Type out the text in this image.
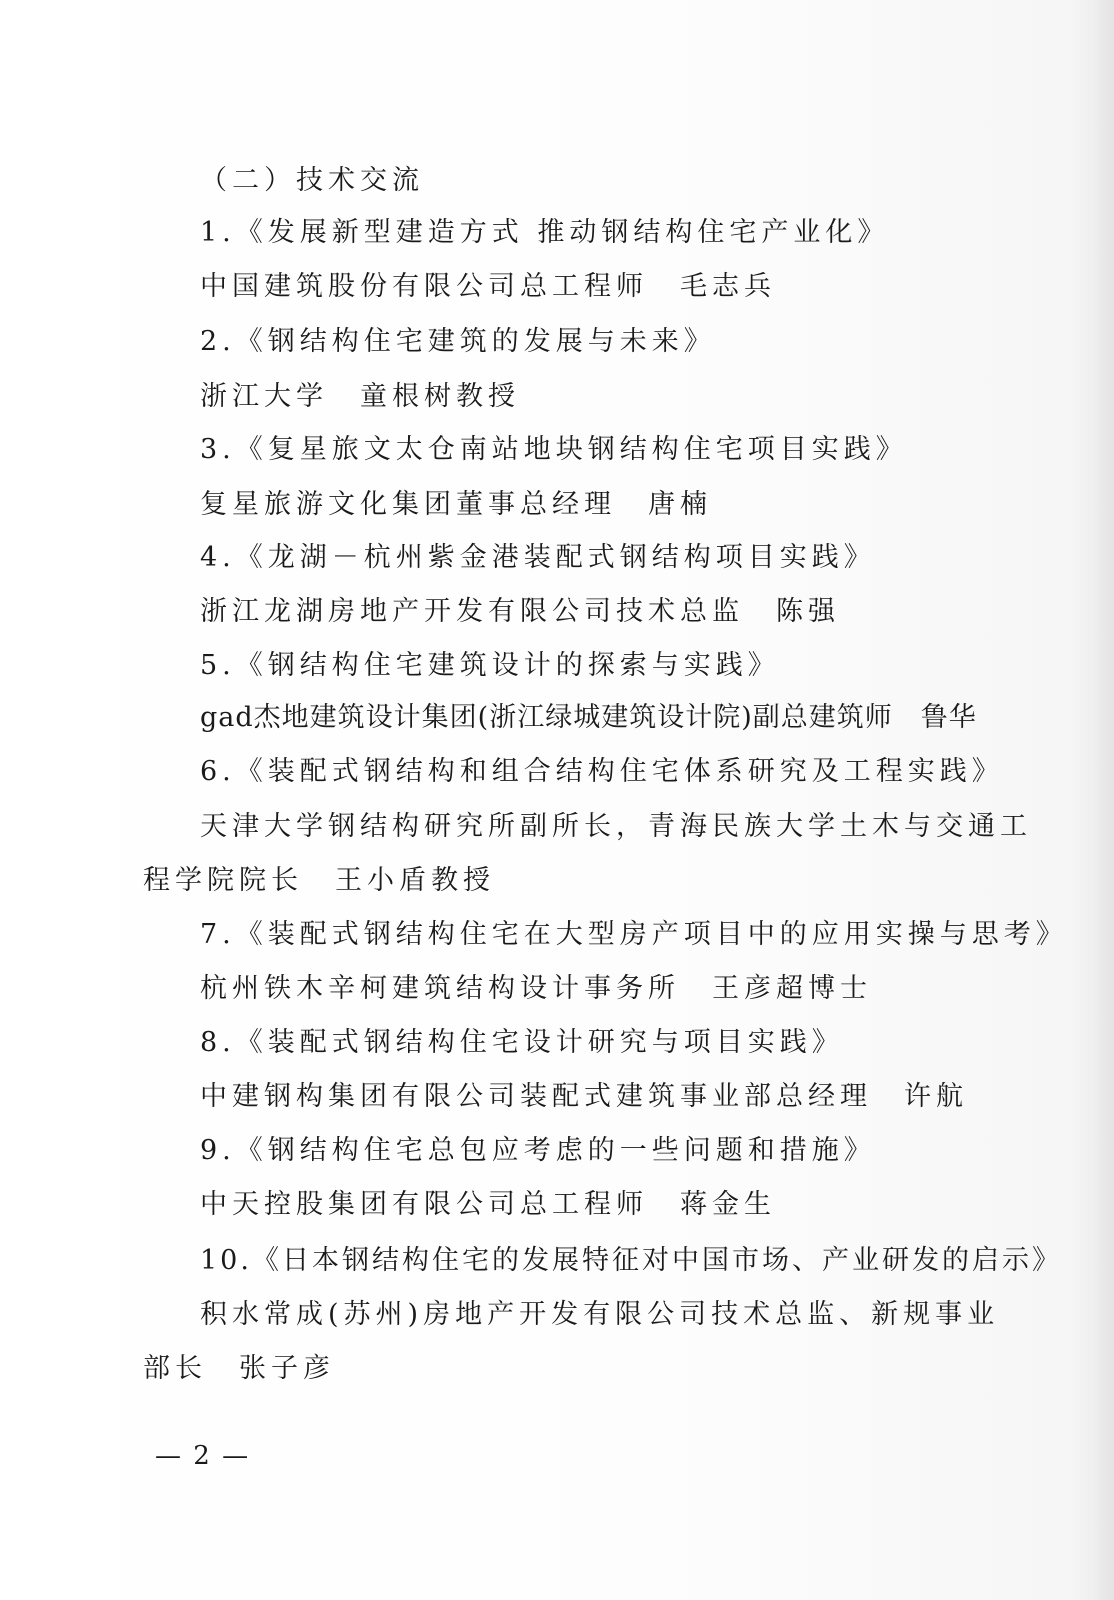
（二）技术交流
1.《发展新型建造方式 推动钢结构住宅产业化》
中国建筑股份有限公司总工程师　毛志兵
2.《钢结构住宅建筑的发展与未来》
浙江大学　童根树教授
3.《复星旅文太仓南站地块钢结构住宅项目实践》
复星旅游文化集团董事总经理　唐楠
4.《龙湖－杭州紫金港装配式钢结构项目实践》
浙江龙湖房地产开发有限公司技术总监　陈强
5.《钢结构住宅建筑设计的探索与实践》
gad杰地建筑设计集团(浙江绿城建筑设计院)副总建筑师　鲁华
6.《装配式钢结构和组合结构住宅体系研究及工程实践》
天津大学钢结构研究所副所长，青海民族大学土木与交通工
程学院院长　王小盾教授
7.《装配式钢结构住宅在大型房产项目中的应用实操与思考》
杭州铁木辛柯建筑结构设计事务所　王彦超博士
8.《装配式钢结构住宅设计研究与项目实践》
中建钢构集团有限公司装配式建筑事业部总经理　许航
9.《钢结构住宅总包应考虑的一些问题和措施》
中天控股集团有限公司总工程师　蒋金生
10.《日本钢结构住宅的发展特征对中国市场、产业研发的启示》
积水常成(苏州)房地产开发有限公司技术总监、新规事业
部长　张子彦
— 2 —
